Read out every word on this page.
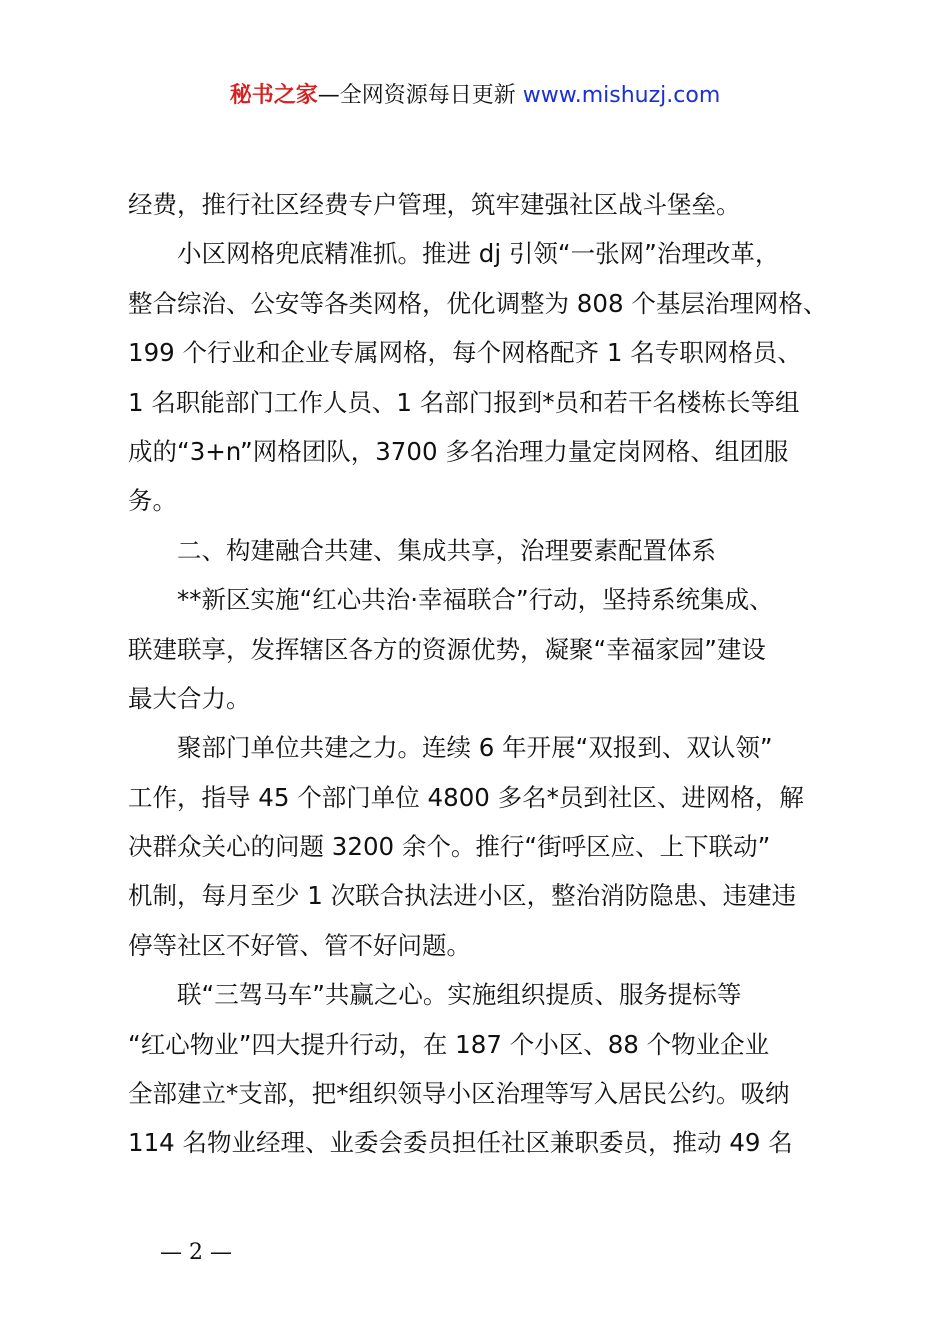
秘书之家—全网资源每日更新 www.mishuzj.com
经费，推行社区经费专户管理，筑牢建强社区战斗堡垒。
小区网格兜底精准抓。推进 dj 引领“一张网”治理改革，
整合综治、公安等各类网格，优化调整为 808 个基层治理网格、
199 个行业和企业专属网格，每个网格配齐 1 名专职网格员、
1 名职能部门工作人员、1 名部门报到*员和若干名楼栋长等组
成的“3+n”网格团队，3700 多名治理力量定岗网格、组团服
务。
二、构建融合共建、集成共享，治理要素配置体系
**新区实施“红心共治·幸福联合”行动，坚持系统集成、
联建联享，发挥辖区各方的资源优势，凝聚“幸福家园”建设
最大合力。
聚部门单位共建之力。连续 6 年开展“双报到、双认领”
工作，指导 45 个部门单位 4800 多名*员到社区、进网格，解
决群众关心的问题 3200 余个。推行“街呼区应、上下联动”
机制，每月至少 1 次联合执法进小区，整治消防隐患、违建违
停等社区不好管、管不好问题。
联“三驾马车”共赢之心。实施组织提质、服务提标等
“红心物业”四大提升行动，在 187 个小区、88 个物业企业
全部建立*支部，把*组织领导小区治理等写入居民公约。吸纳
114 名物业经理、业委会委员担任社区兼职委员，推动 49 名
— 2 —
